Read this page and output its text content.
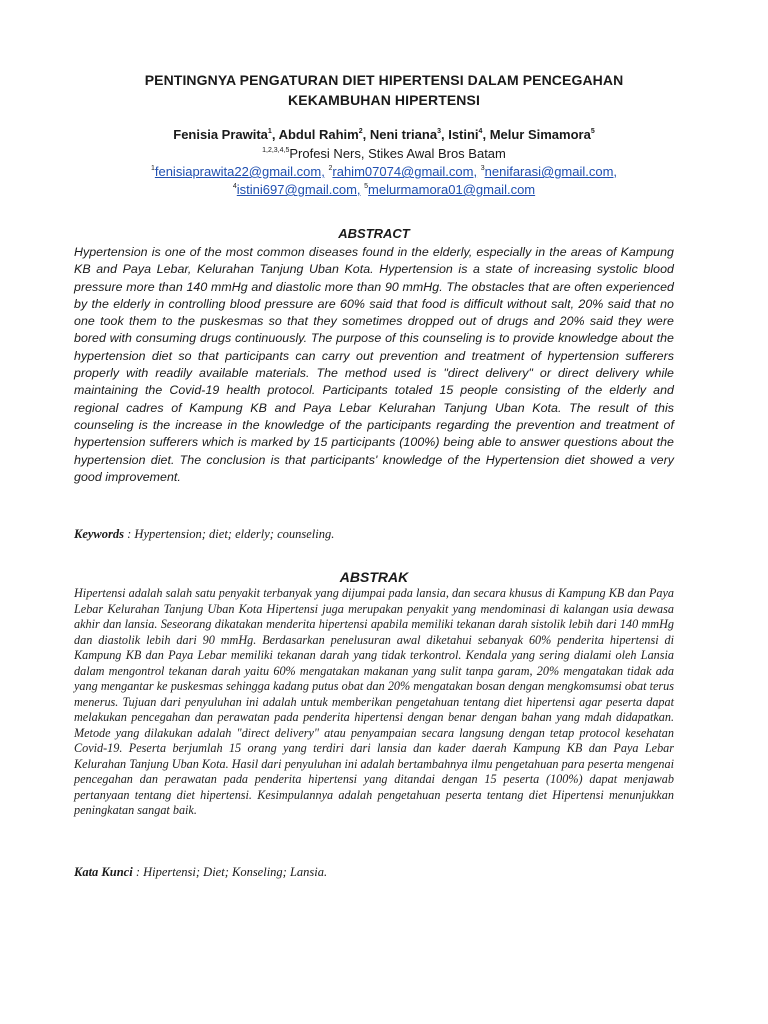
PENTINGNYA PENGATURAN DIET HIPERTENSI DALAM PENCEGAHAN
KEKAMBUHAN HIPERTENSI
Fenisia Prawita$^1$, Abdul Rahim$^2$, Neni triana$^3$, Istini$^4$, Melur Simamora$^5$
$^{1,2,3,4,5}$Profesi Ners, Stikes Awal Bros Batam
$^1$fenisiaprawita22@gmail.com, $^2$rahim07074@gmail.com, $^3$nenifarasi@gmail.com,
$^4$istini697@gmail.com, $^5$melurmamora01@gmail.com
ABSTRACT
Hypertension is one of the most common diseases found in the elderly, especially in the areas of Kampung KB and Paya Lebar, Kelurahan Tanjung Uban Kota. Hypertension is a state of increasing systolic blood pressure more than 140 mmHg and diastolic more than 90 mmHg. The obstacles that are often experienced by the elderly in controlling blood pressure are 60% said that food is difficult without salt, 20% said that no one took them to the puskesmas so that they sometimes dropped out of drugs and 20% said they were bored with consuming drugs continuously. The purpose of this counseling is to provide knowledge about the hypertension diet so that participants can carry out prevention and treatment of hypertension sufferers properly with readily available materials. The method used is "direct delivery" or direct delivery while maintaining the Covid-19 health protocol. Participants totaled 15 people consisting of the elderly and regional cadres of Kampung KB and Paya Lebar Kelurahan Tanjung Uban Kota. The result of this counseling is the increase in the knowledge of the participants regarding the prevention and treatment of hypertension sufferers which is marked by 15 participants (100%) being able to answer questions about the hypertension diet. The conclusion is that participants' knowledge of the Hypertension diet showed a very good improvement.
Keywords : Hypertension; diet; elderly; counseling.
ABSTRAK
Hipertensi adalah salah satu penyakit terbanyak yang dijumpai pada lansia, dan secara khusus di Kampung KB dan Paya Lebar Kelurahan Tanjung Uban Kota Hipertensi juga merupakan penyakit yang mendominasi di kalangan usia dewasa akhir dan lansia. Seseorang dikatakan menderita hipertensi apabila memiliki tekanan darah sistolik lebih dari 140 mmHg dan diastolik lebih dari 90 mmHg. Berdasarkan penelusuran awal diketahui sebanyak 60% penderita hipertensi di Kampung KB dan Paya Lebar memiliki tekanan darah yang tidak terkontrol. Kendala yang sering dialami oleh Lansia dalam mengontrol tekanan darah yaitu 60% mengatakan makanan yang sulit tanpa garam, 20% mengatakan tidak ada yang mengantar ke puskesmas sehingga kadang putus obat dan 20% mengatakan bosan dengan mengkomsumsi obat terus menerus. Tujuan dari penyuluhan ini adalah untuk memberikan pengetahuan tentang diet hipertensi agar peserta dapat melakukan pencegahan dan perawatan pada penderita hipertensi dengan benar dengan bahan yang mdah didapatkan. Metode yang dilakukan adalah "direct delivery" atau penyampaian secara langsung dengan tetap protocol kesehatan Covid-19. Peserta berjumlah 15 orang yang terdiri dari lansia dan kader daerah Kampung KB dan Paya Lebar Kelurahan Tanjung Uban Kota. Hasil dari penyuluhan ini adalah bertambahnya ilmu pengetahuan para peserta mengenai pencegahan dan perawatan pada penderita hipertensi yang ditandai dengan 15 peserta (100%) dapat menjawab pertanyaan tentang diet hipertensi. Kesimpulannya adalah pengetahuan peserta tentang diet Hipertensi menunjukkan peningkatan sangat baik.
Kata Kunci : Hipertensi; Diet; Konseling; Lansia.
